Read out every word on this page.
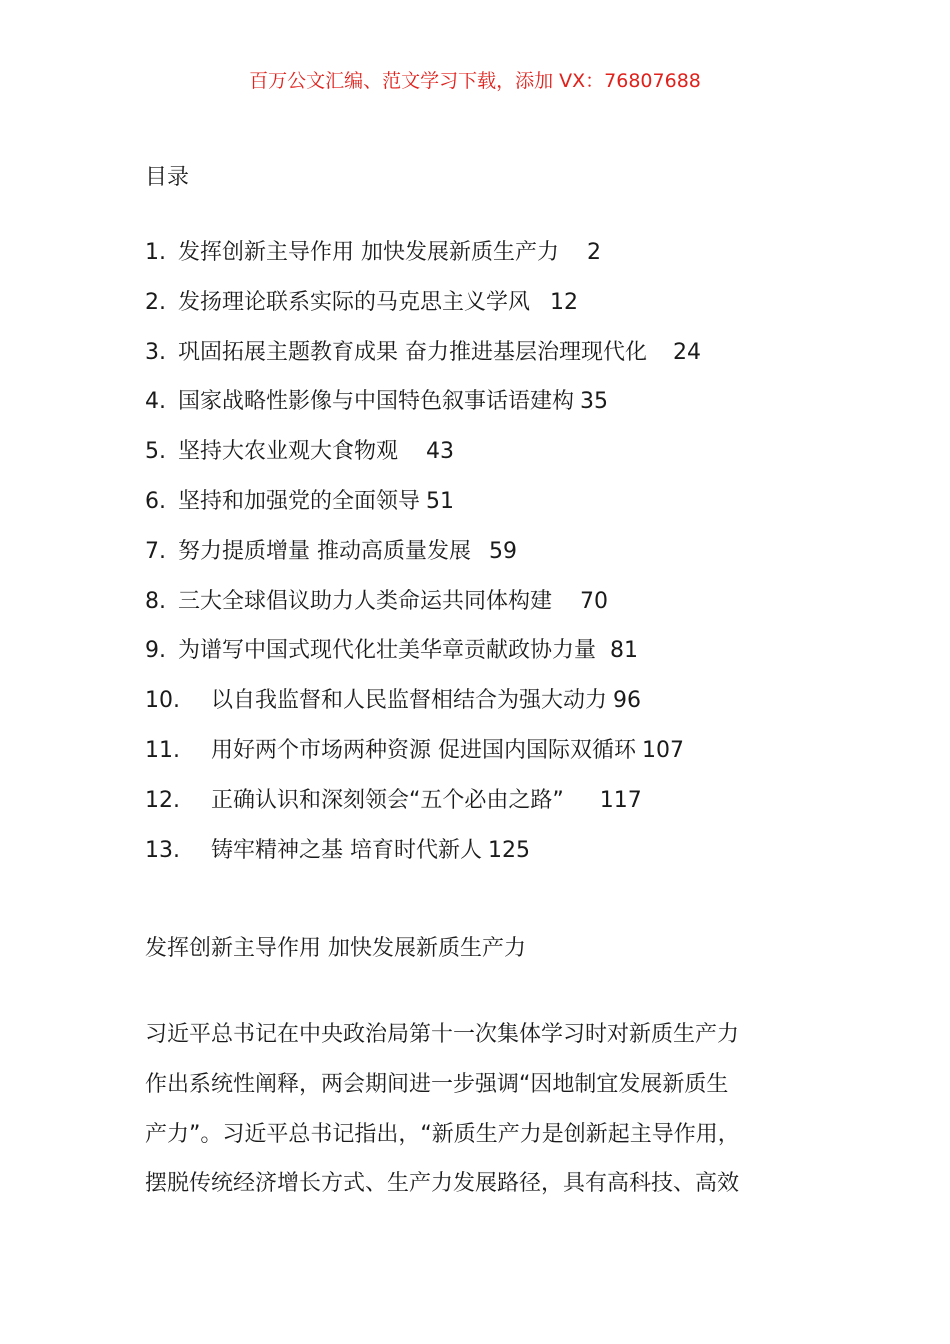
百万公文汇编、范文学习下载，添加 VX：76807688
目录
1. 发挥创新主导作用 加快发展新质生产力 2
2. 发扬理论联系实际的马克思主义学风 12
3. 巩固拓展主题教育成果 奋力推进基层治理现代化 24
4. 国家战略性影像与中国特色叙事话语建构 35
5. 坚持大农业观大食物观 43
6. 坚持和加强党的全面领导 51
7. 努力提质增量 推动高质量发展 59
8. 三大全球倡议助力人类命运共同体构建 70
9. 为谱写中国式现代化壮美华章贡献政协力量 81
10.	以自我监督和人民监督相结合为强大动力 96
11.	用好两个市场两种资源 促进国内国际双循环 107
12.	正确认识和深刻领会“五个必由之路” 117
13.	铸牢精神之基 培育时代新人 125
发挥创新主导作用 加快发展新质生产力
习近平总书记在中央政治局第十一次集体学习时对新质生产力
作出系统性阐释，两会期间进一步强调“因地制宜发展新质生
产力”。习近平总书记指出，“新质生产力是创新起主导作用，
摆脱传统经济增长方式、生产力发展路径，具有高科技、高效
